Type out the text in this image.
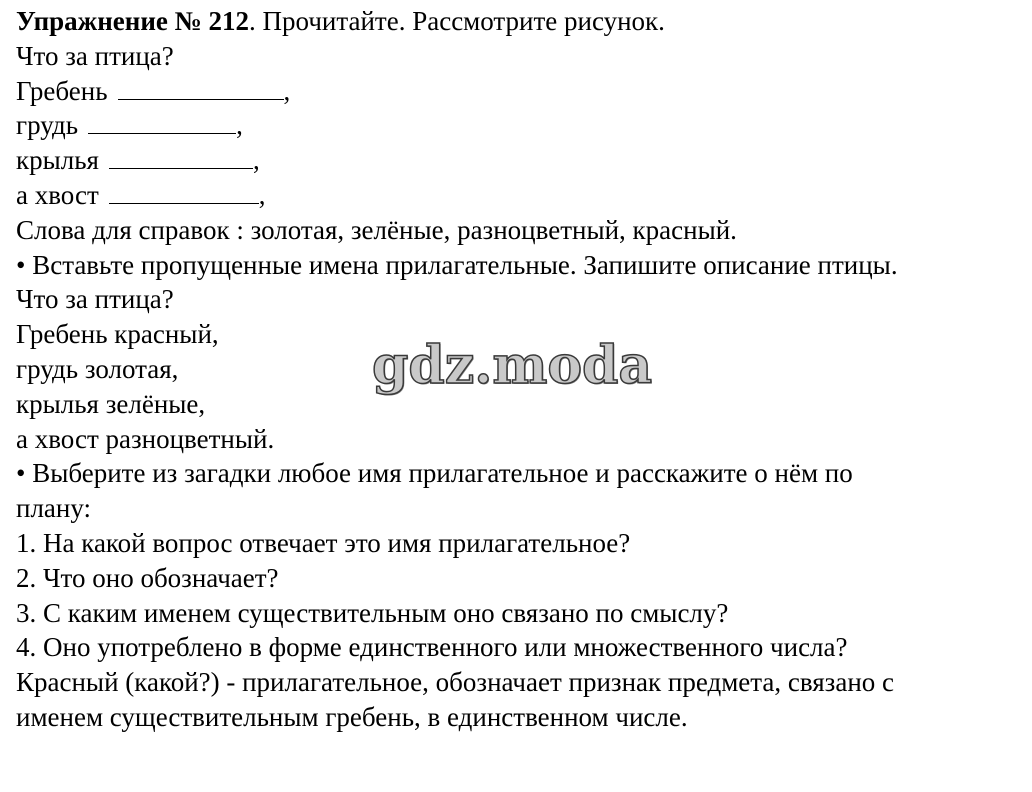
Упражнение № 212. Прочитайте. Рассмотрите рисунок.
Что за птица?
Гребень	,
грудь	,
крылья	,
а хвост	,
Слова для справок : золотая, зелёные, разноцветный, красный.
• Вставьте пропущенные имена прилагательные. Запишите описание птицы.
Что за птица?
Гребень красный,
грудь золотая,
крылья зелёные,
а хвост разноцветный.
• Выберите из загадки любое имя прилагательное и расскажите о нём по
плану:
1. На какой вопрос отвечает это имя прилагательное?
2. Что оно обозначает?
3. С каким именем существительным оно связано по смыслу?
4. Оно употреблено в форме единственного или множественного числа?
Красный (какой?) - прилагательное, обозначает признак предмета, связано с
именем существительным гребень, в единственном числе.
gdz.moda
